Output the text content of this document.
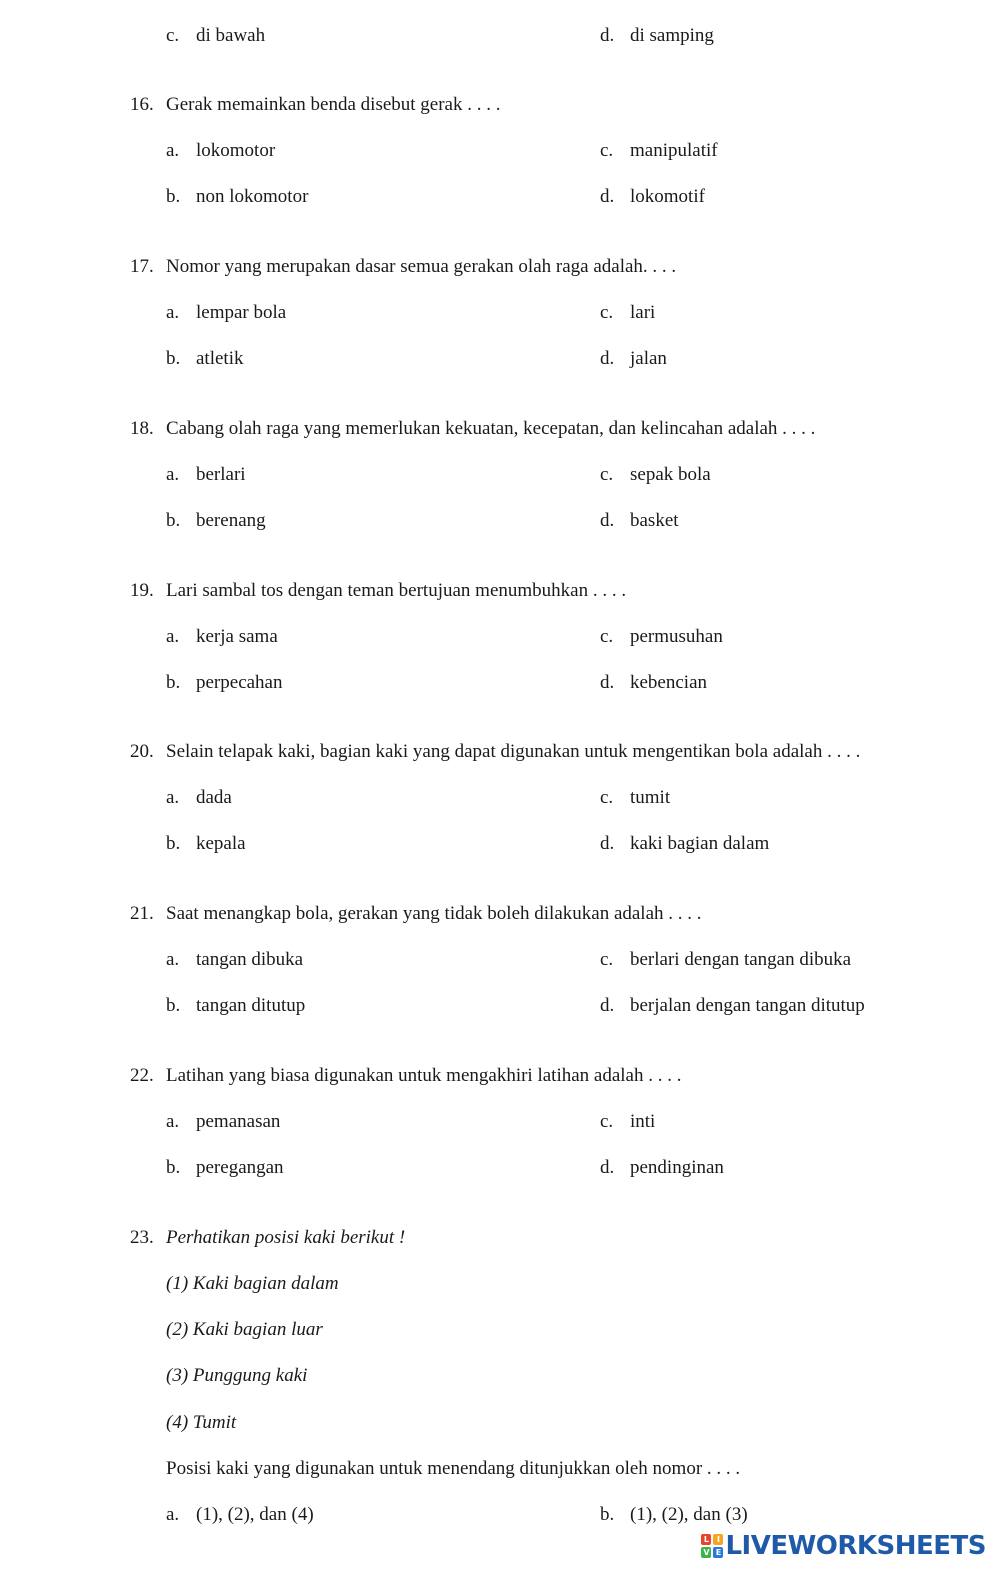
c. di bawah	d. di samping
16. Gerak memainkan benda disebut gerak . . . .
a. lokomotor	c. manipulatif
b. non lokomotor	d. lokomotif
17. Nomor yang merupakan dasar semua gerakan olah raga adalah. . . .
a. lempar bola	c. lari
b. atletik	d. jalan
18. Cabang olah raga yang memerlukan kekuatan, kecepatan, dan kelincahan adalah . . . .
a. berlari	c. sepak bola
b. berenang	d. basket
19. Lari sambal tos dengan teman bertujuan menumbuhkan . . . .
a. kerja sama	c. permusuhan
b. perpecahan	d. kebencian
20. Selain telapak kaki, bagian kaki yang dapat digunakan untuk mengentikan bola adalah . . . .
a. dada	c. tumit
b. kepala	d. kaki bagian dalam
21. Saat menangkap bola, gerakan yang tidak boleh dilakukan adalah . . . .
a. tangan dibuka	c. berlari dengan tangan dibuka
b. tangan ditutup	d. berjalan dengan tangan ditutup
22. Latihan yang biasa digunakan untuk mengakhiri latihan adalah . . . .
a. pemanasan	c. inti
b. peregangan	d. pendinginan
23. Perhatikan posisi kaki berikut !
(1) Kaki bagian dalam
(2) Kaki bagian luar
(3) Punggung kaki
(4) Tumit
Posisi kaki yang digunakan untuk menendang ditunjukkan oleh nomor . . . .
a. (1), (2), dan (4)	b. (1), (2), dan (3)
L I
V E LIVEWORKSHEETS
